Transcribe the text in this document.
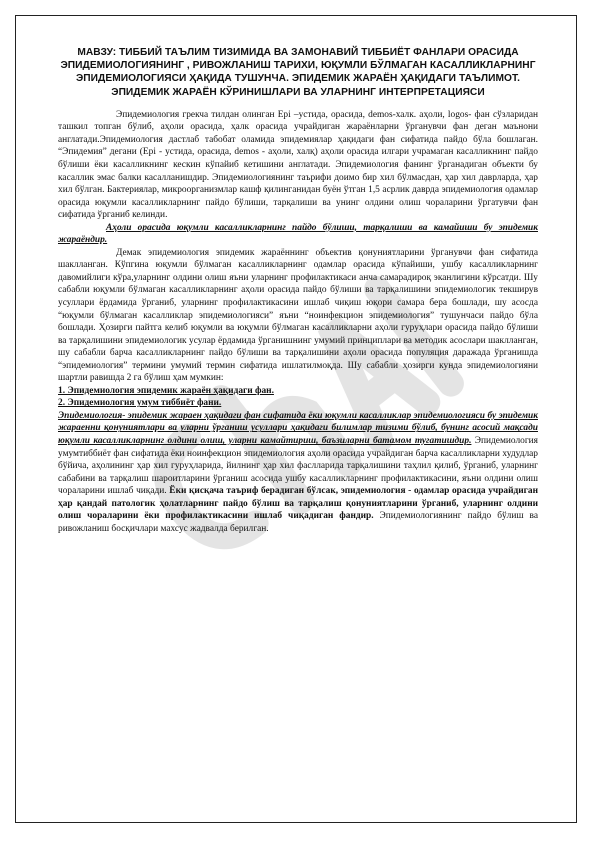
МАВЗУ: ТИББИЙ ТАЪЛИМ ТИЗИМИДА ВА ЗАМОНАВИЙ ТИББИЁТ ФАНЛАРИ ОРАСИДА ЭПИДЕМИОЛОГИЯНИНГ , РИВОЖЛАНИШ ТАРИХИ, ЮҚУМЛИ БЎЛМАГАН КАСАЛЛИКЛАРНИНГ ЭПИДЕМИОЛОГИЯСИ ҲАҚИДА ТУШУНЧА. ЭПИДЕМИК ЖАРАЁН ҲАҚИДАГИ ТАЪЛИМОТ. ЭПИДЕМИК ЖАРАЁН КЎРИНИШЛАРИ ВА УЛАРНИНГ ИНТЕРПРЕТАЦИЯСИ

Эпидемиология грекча тилдан олинган Epi –устида, орасида, demos-халк. аҳоли, logos- фан сўзларидан ташкил топган бўлиб, аҳоли орасида, ҳалк орасида учрайдиган жараёнларни ўрганувчи фан деган маънони англатади.Эпидемиология дастлаб табобат оламида эпидемиялар ҳақидаги фан сифатида пайдо бўла бошлаган. “Эпидемия” дегани (Epi - устида, орасида, demos - аҳоли, халқ) аҳоли орасида илгари учрамаган касалликнинг пайдо бўлиши ёки касалликнинг кескин кўпайиб кетишини англатади. Эпидемиология фанинг ўрганадиган объекти бу касаллик эмас балки касалланишдир. Эпидемиологиянинг таърифи доимо бир хил бўлмасдан, ҳар хил даврларда, ҳар хил бўлган. Бактериялар, микроорганизмлар кашф қилинганидан буён ўтган 1,5 асрлик даврда эпидемиология одамлар орасида юқумли касалликларнинг пайдо бўлиши, тарқалиши ва унинг олдини олиш чораларини ўргатувчи фан сифатида ўрганиб келинди.

Аҳоли орасида юқумли касалликларнинг пайдо бўлиши, тарқалиши ва камайиши бу эпидемик жараёндир.

Демак эпидемиология эпидемик жараённинг объектив қонуниятларини ўрганувчи фан сифатида шаклланган. Кўпгина юқумли бўлмаган касалликларнинг одамлар орасида кўпайиши, ушбу касалликларнинг давомийлиги кўра,уларнинг олдини олиш яъни уларнинг профилактикаси анча самарадироқ эканлигини кўрсатди. Шу сабабли юқумли бўлмаган касалликларнинг аҳоли орасида пайдо бўлиши ва тарқалишини эпидемиологик текширув усуллари ёрдамида ўрганиб, уларнинг профилактикасини ишлаб чиқиш юқори самара бера бошлади, шу асосда “юқумли бўлмаган касалликлар эпидемиологияси” яъни “ноинфекцион эпидемиология” тушунчаси пайдо бўла бошлади. Ҳозирги пайтга келиб юқумли ва юқумли бўлмаган касалликларни аҳоли гуруҳлари орасида пайдо бўлиши ва тарқалишини эпидемиологик усулар ёрдамида ўрганишнинг умумий принциплари ва методик асослари шаклланган, шу сабабли барча касалликларнинг пайдо бўлиши ва тарқалишини аҳоли орасида популяция даражада ўрганишда “эпидемиология” термини умумий термин сифатида ишлатилмоқда. Шу сабабли ҳозирги кунда эпидемиологияни шартли равишда 2 га бўлиш ҳам мумкин:

1. Эпидемиология эпидемик жараён ҳақидаги фан.

2. Эпидемиология умум тиббиёт фани.

Эпидемиология- эпидемик жараен ҳақидаги фан сифатида ёки юқумли касалликлар эпидемиологияси бу эпидемик жараенни қонуниятлари ва уларни ўрганиш усуллари ҳақидаги билимлар тизими бўлиб, бунинг асосий мақсади юқумли касалликларнинг олдини олиш, уларни камайтириш, баъзиларни батамом тугатишдир. Эпидемиология умумтиббиёт фан сифатида ёки ноинфекцион эпидемиология аҳоли орасида учрайдиган барча касалликларни худудлар бўйича, аҳолининг ҳар хил гуруҳларида, йилнинг ҳар хил фаслларида тарқалишини таҳлил қилиб, ўрганиб, уларнинг сабабини ва тарқалиш шароитларини ўрганиш асосида ушбу касалликларнинг профилактикасини, яъни олдини олиш чораларини ишлаб чиқади. Ёки қисқача таъриф берадиган бўлсак, эпидемиология - одамлар орасида учрайдиган ҳар қандай патологик ҳолатларнинг пайдо бўлиш ва тарқалиш қонуниятларини ўрганиб, уларнинг олдини олиш чораларини ёки профилактикасини ишлаб чиқадиган фандир. Эпидемиологиянинг пайдо бўлиш ва ривожланиш босқичлари махсус жадвалда берилган.
